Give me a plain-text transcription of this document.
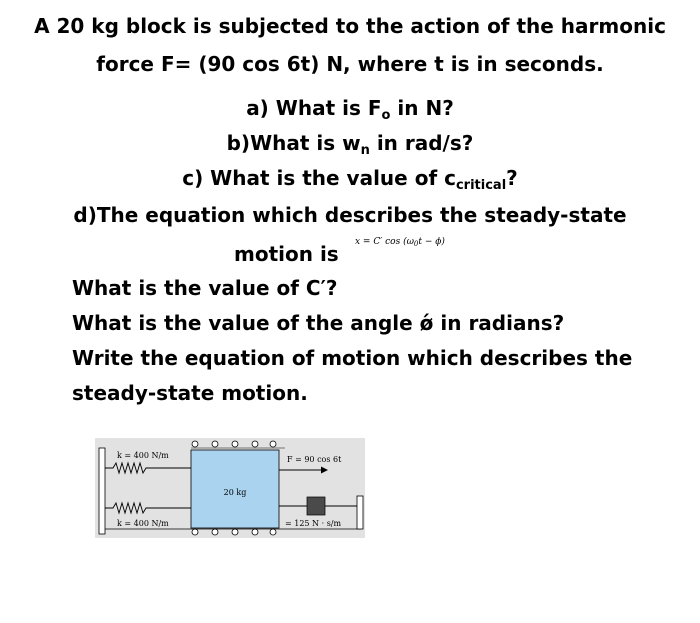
A 20 kg block is subjected to the action of the harmonic
force F= (90 cos 6t) N, where t is in seconds.
a) What is $F_o$ in N?
b)What is $w_n$ in rad/s?
c) What is the value of $c_{critical}$?
d)The equation which describes the steady-state
motion is x = C′ $\cos (\omega_0t - \phi)$
What is the value of C′?
What is the value of the angle ǿ in radians?
Write the equation of motion which describes the
steady-state motion.
20 kg
k = 400 N/m
k = 400 N/m
F = 90 cos 6t
= 125 N · s/m
